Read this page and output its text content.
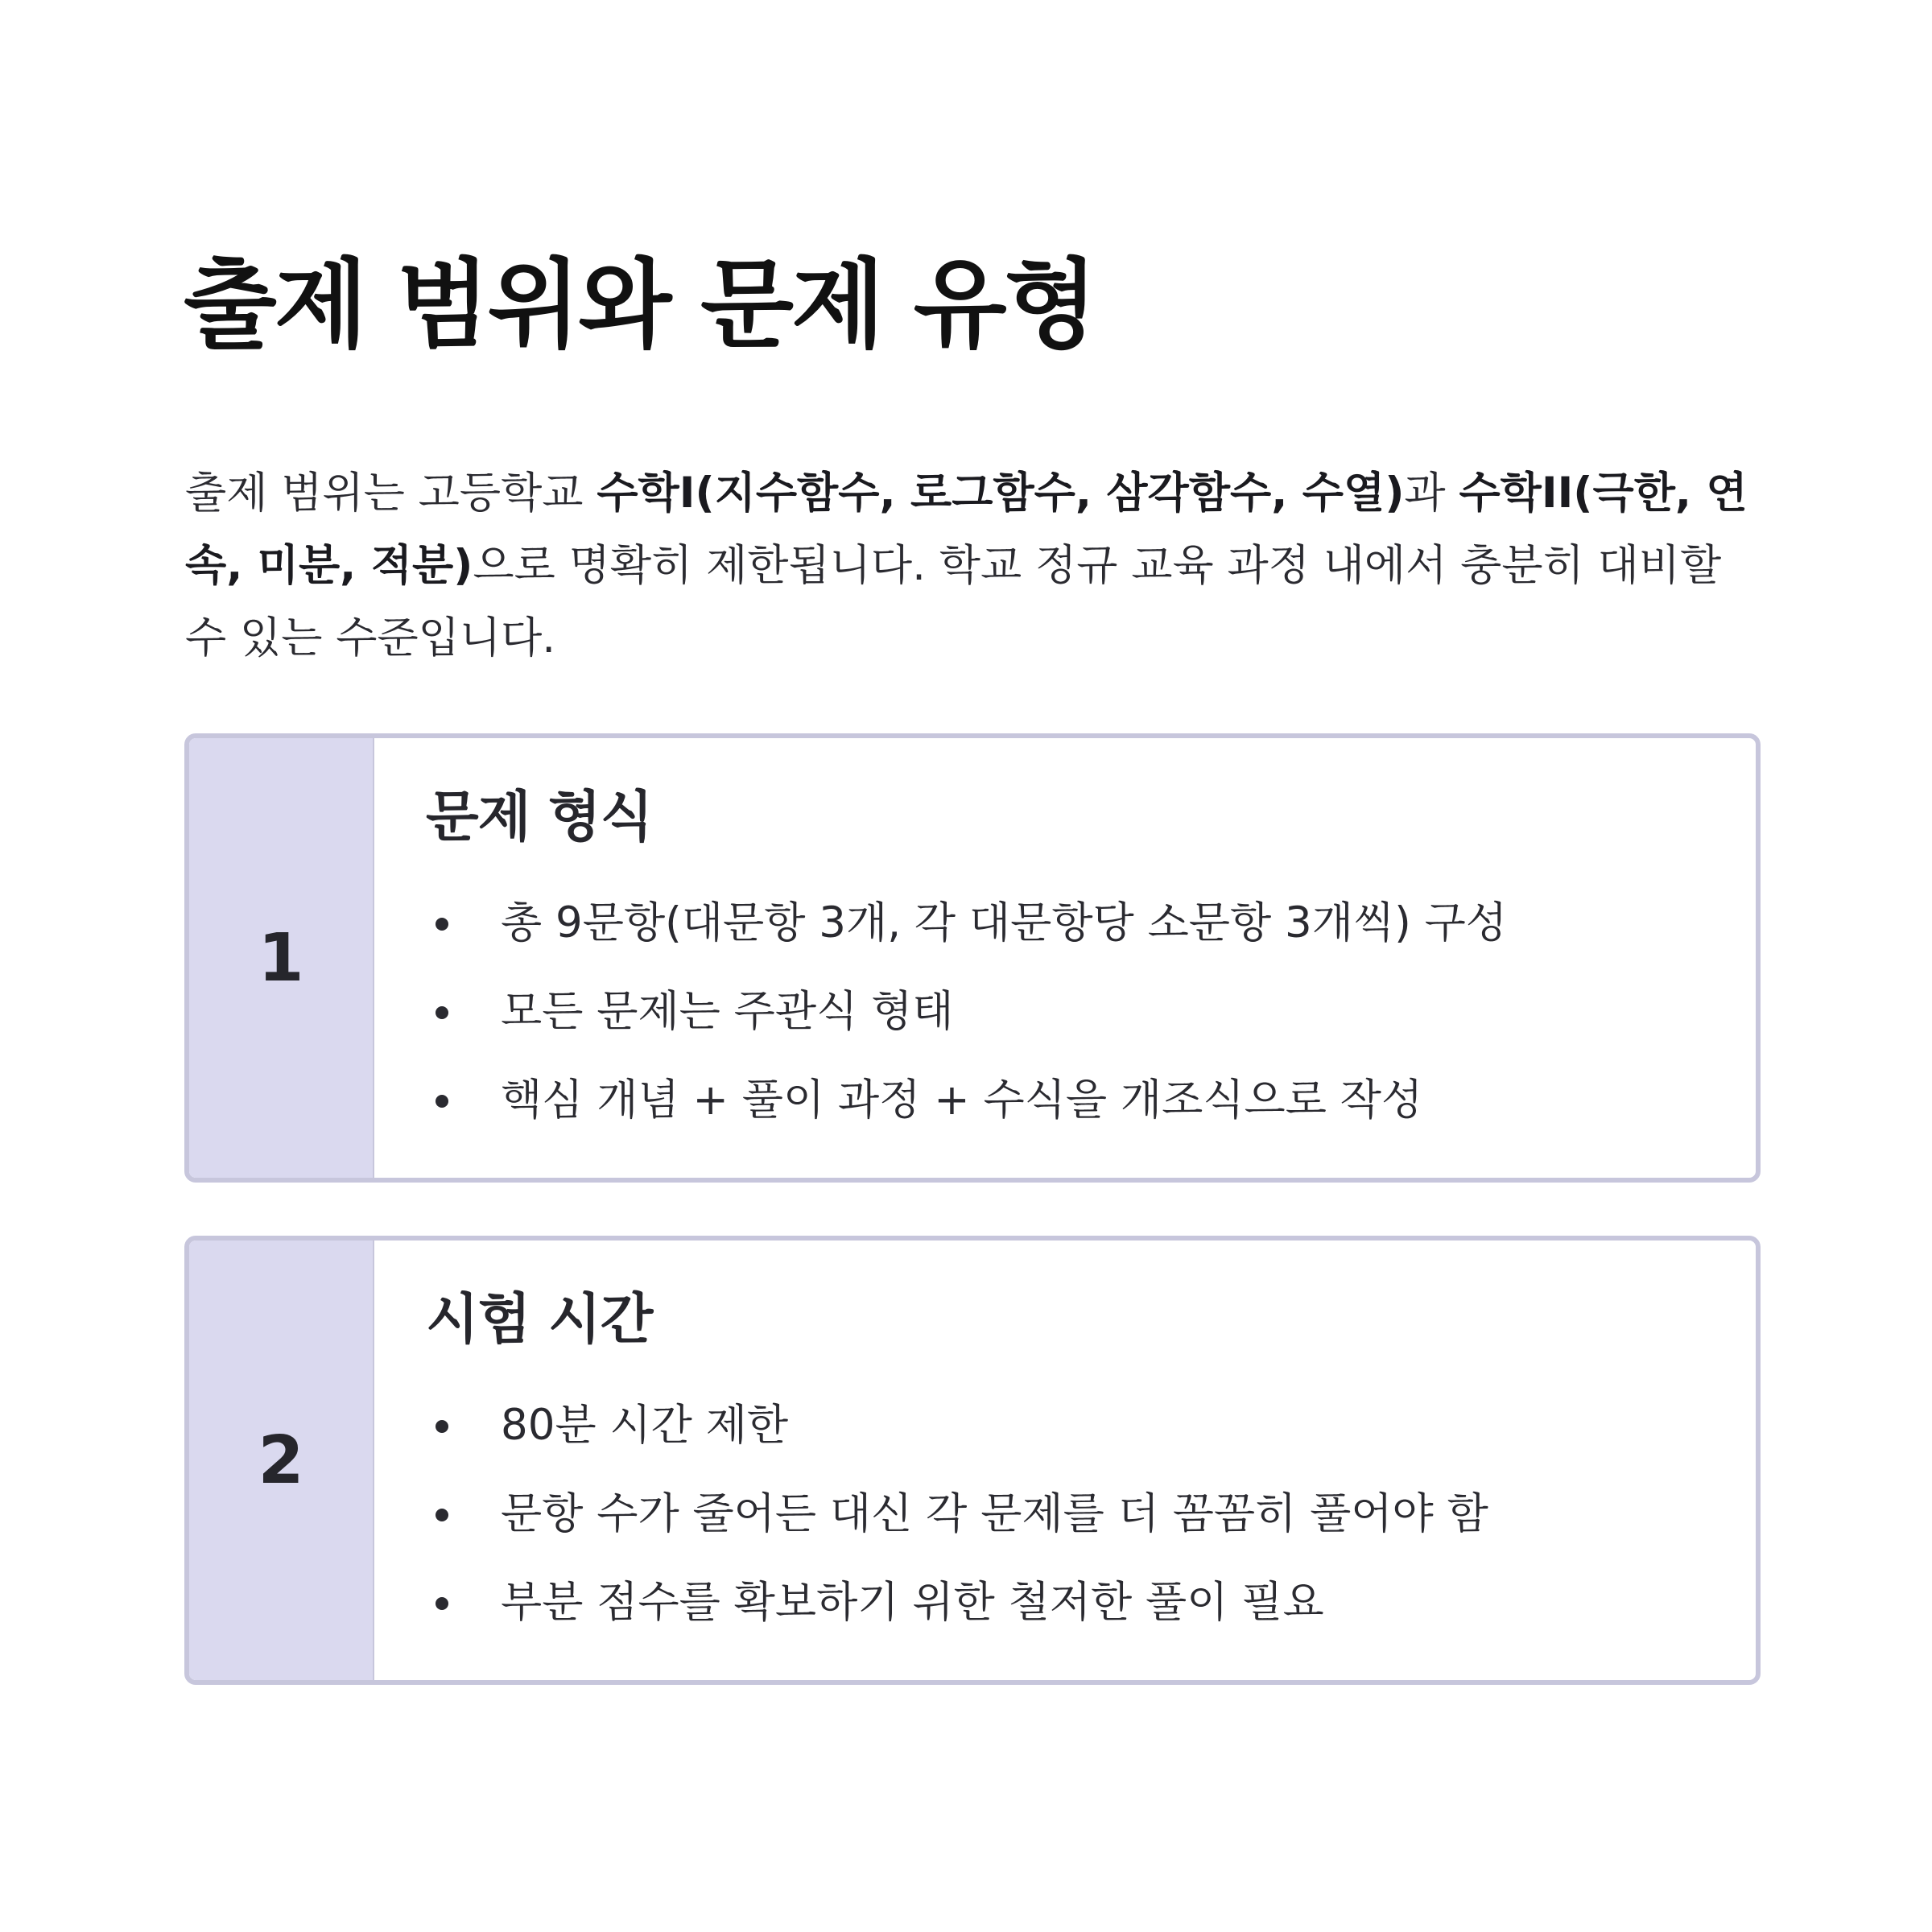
출제 범위와 문제 유형

출제 범위는 고등학교 수학I(지수함수, 로그함수, 삼각함수, 수열)과 수학II(극한, 연속, 미분, 적분)으로 명확히 제한됩니다. 학교 정규 교육 과정 내에서 충분히 대비할 수 있는 수준입니다.

1
문제 형식
총 9문항(대문항 3개, 각 대문항당 소문항 3개씩) 구성
모든 문제는 주관식 형태
핵심 개념 + 풀이 과정 + 수식을 개조식으로 작성
2
시험 시간
80분 시간 제한
문항 수가 줄어든 대신 각 문제를 더 꼼꼼히 풀어야 함
부분 점수를 확보하기 위한 철저한 풀이 필요
